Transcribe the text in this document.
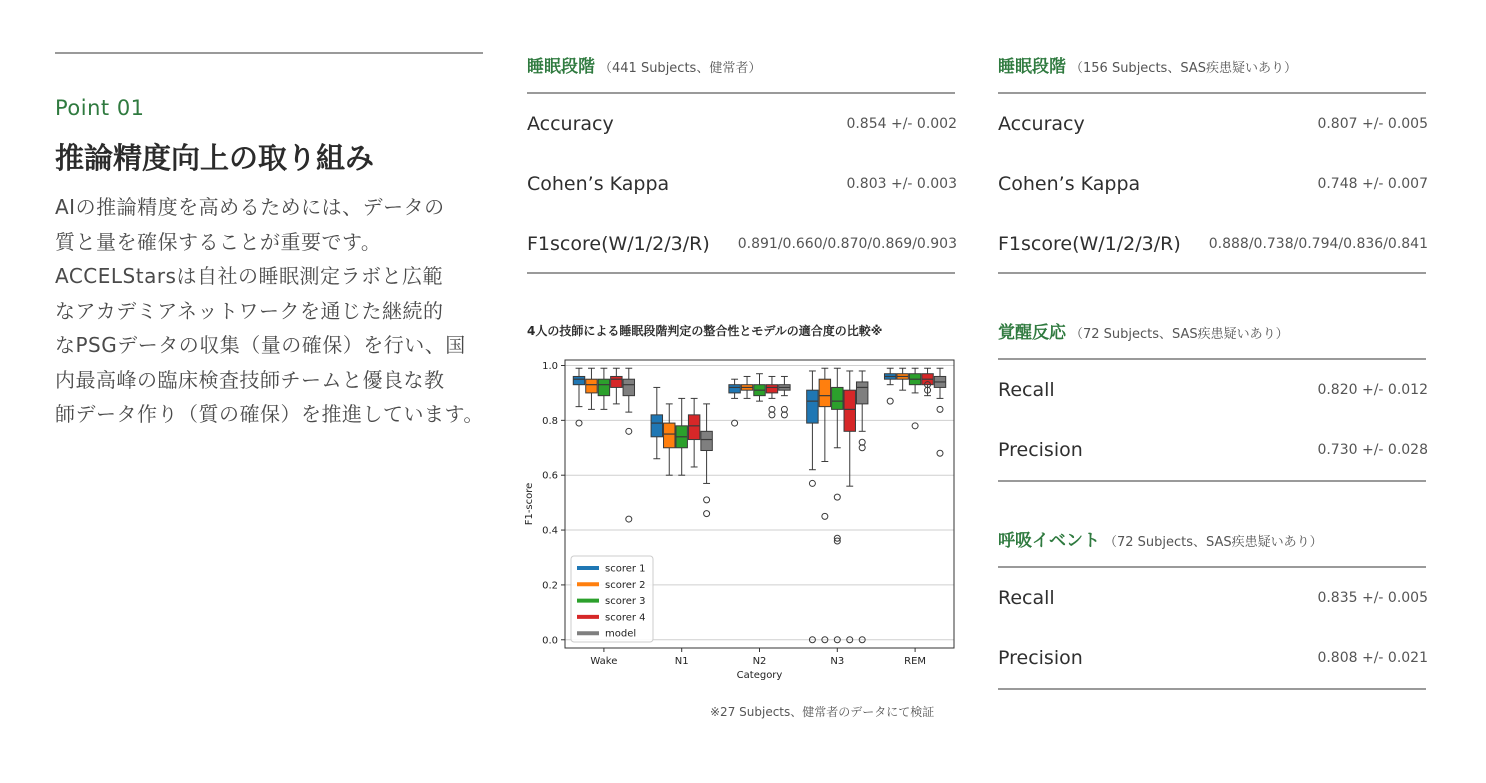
Point 01
推論精度向上の取り組み
AIの推論精度を高めるためには、データの
質と量を確保することが重要です。
ACCELStarsは自社の睡眠測定ラボと広範
なアカデミアネットワークを通じた継続的
なPSGデータの収集（量の確保）を行い、国
内最高峰の臨床検査技師チームと優良な教
師データ作り（質の確保）を推進しています。
睡眠段階 （441 Subjects、健常者）
Accuracy	0.854 +/- 0.002
Cohen’s Kappa	0.803 +/- 0.003
F1score(W/1/2/3/R) 0.891/0.660/0.870/0.869/0.903
4人の技師による睡眠段階判定の整合性とモデルの適合度の比較※
0.0
0.2
0.4
0.6
0.8
1.0
Wake	N1	N2	N3	REM
Category
F1-score
scorer 1
scorer 2
scorer 3
scorer 4
model
※27 Subjects、健常者のデータにて検証
睡眠段階 （156 Subjects、SAS疾患疑いあり）
Accuracy	0.807 +/- 0.005
Cohen’s Kappa	0.748 +/- 0.007
F1score(W/1/2/3/R) 0.888/0.738/0.794/0.836/0.841
覚醒反応 （72 Subjects、SAS疾患疑いあり）
Recall	0.820 +/- 0.012
Precision	0.730 +/- 0.028
呼吸イベント （72 Subjects、SAS疾患疑いあり）
Recall	0.835 +/- 0.005
Precision	0.808 +/- 0.021
